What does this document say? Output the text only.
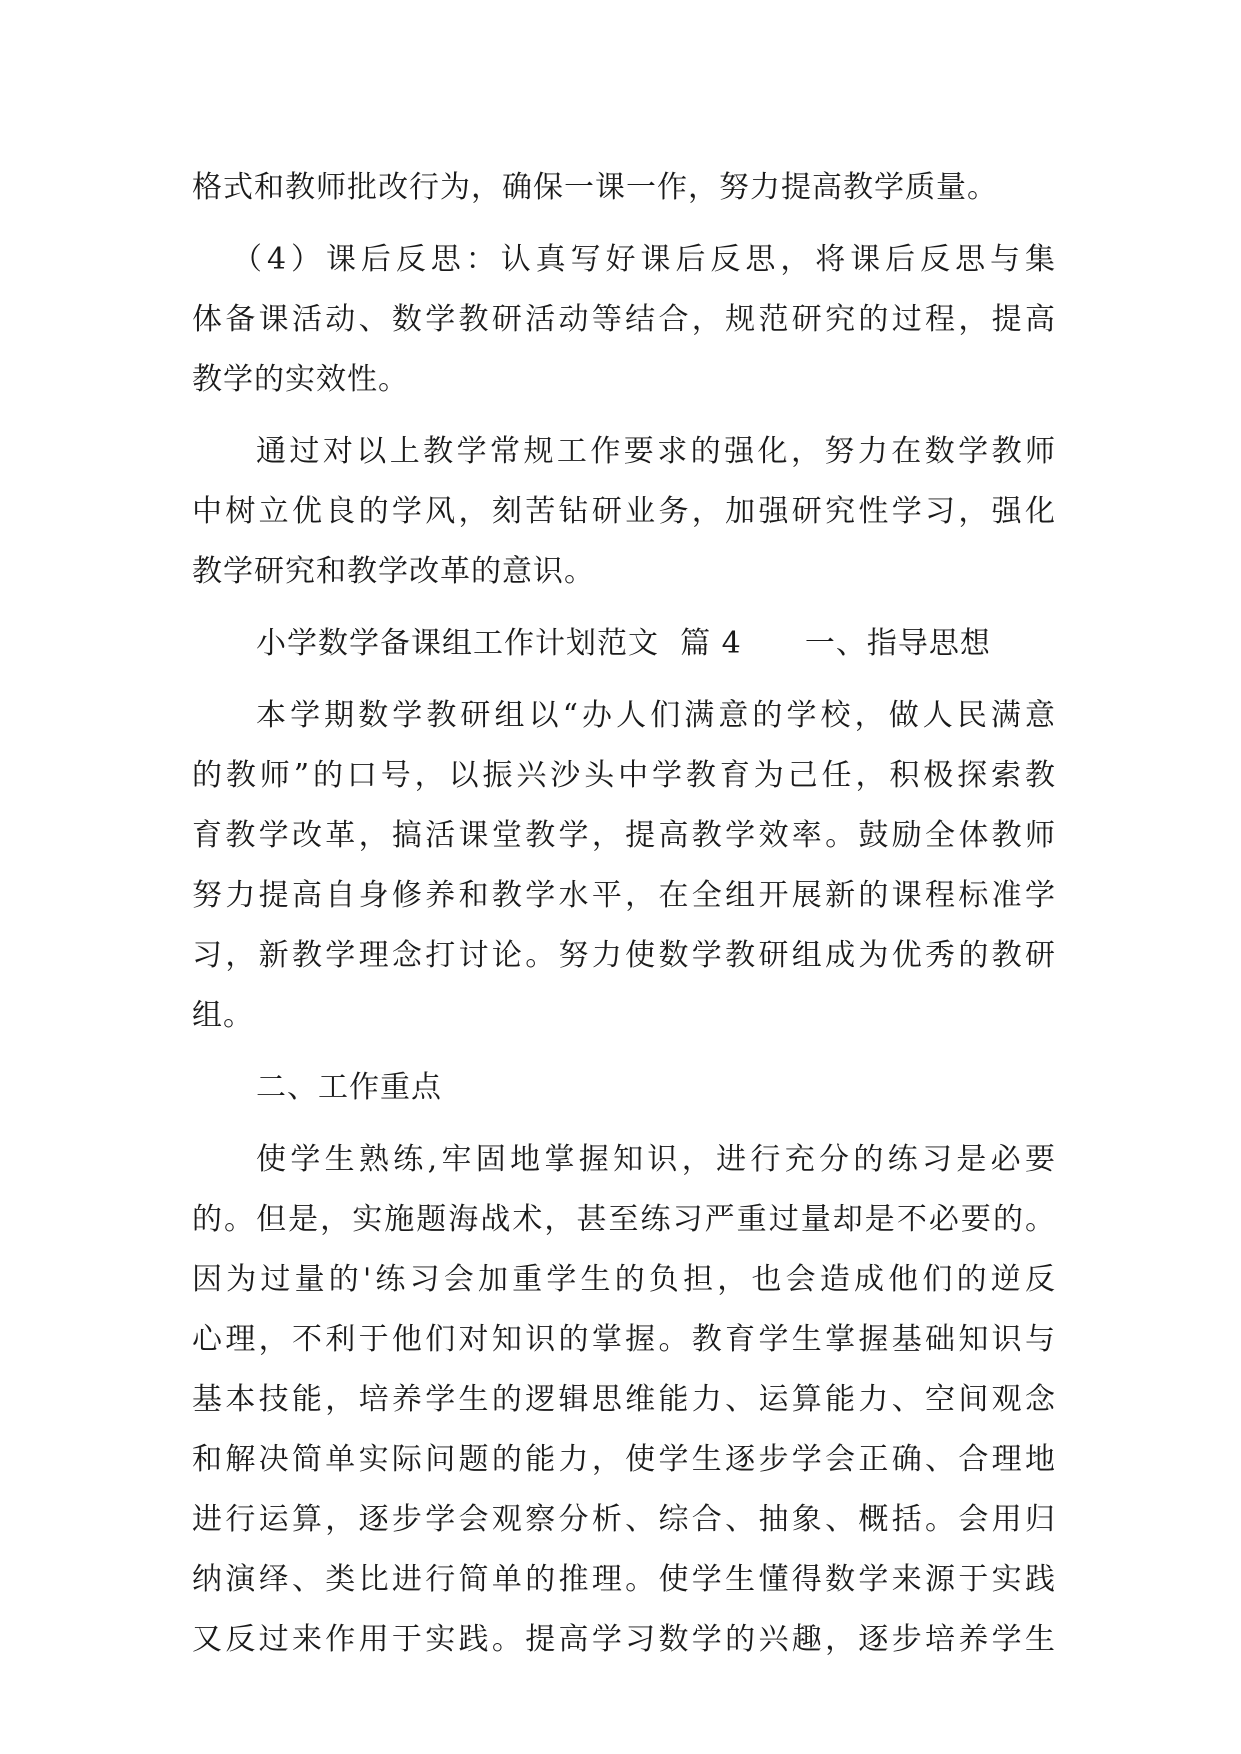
格式和教师批改行为，确保一课一作，努力提高教学质量。
（4）课后反思：认真写好课后反思，将课后反思与集
体备课活动、数学教研活动等结合，规范研究的过程，提高
教学的实效性。
通过对以上教学常规工作要求的强化，努力在数学教师
中树立优良的学风，刻苦钻研业务，加强研究性学习，强化
教学研究和教学改革的意识。
小学数学备课组工作计划范文  篇 4      一、指导思想
本学期数学教研组以“办人们满意的学校，做人民满意
的教师”的口号，以振兴沙头中学教育为己任，积极探索教
育教学改革，搞活课堂教学，提高教学效率。鼓励全体教师
努力提高自身修养和教学水平，在全组开展新的课程标准学
习，新教学理念打讨论。努力使数学教研组成为优秀的教研
组。
二、工作重点
使学生熟练,牢固地掌握知识，进行充分的练习是必要
的。但是，实施题海战术，甚至练习严重过量却是不必要的。
因为过量的'练习会加重学生的负担，也会造成他们的逆反
心理，不利于他们对知识的掌握。教育学生掌握基础知识与
基本技能，培养学生的逻辑思维能力、运算能力、空间观念
和解决简单实际问题的能力，使学生逐步学会正确、合理地
进行运算，逐步学会观察分析、综合、抽象、概括。会用归
纳演绎、类比进行简单的推理。使学生懂得数学来源于实践
又反过来作用于实践。提高学习数学的兴趣，逐步培养学生
